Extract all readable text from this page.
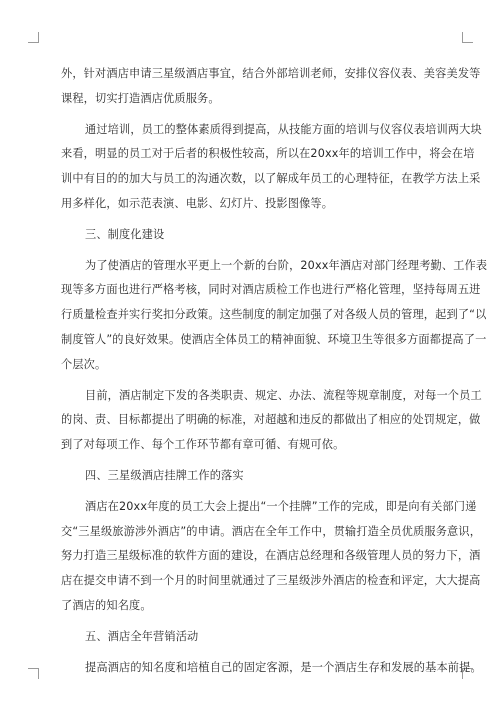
外，针对酒店申请三星级酒店事宜，结合外部培训老师，安排仪容仪表、美容美发等
课程，切实打造酒店优质服务。
通过培训，员工的整体素质得到提高，从技能方面的培训与仪容仪表培训两大块
来看，明显的员工对于后者的积极性较高，所以在20xx年的培训工作中，将会在培
训中有目的的加大与员工的沟通次数，以了解成年员工的心理特征，在教学方法上采
用多样化，如示范表演、电影、幻灯片、投影图像等。
三、制度化建设
为了使酒店的管理水平更上一个新的台阶，20xx年酒店对部门经理考勤、工作表
现等多方面也进行严格考核，同时对酒店质检工作也进行严格化管理，坚持每周五进
行质量检查并实行奖扣分政策。这些制度的制定加强了对各级人员的管理，起到了“以
制度管人”的良好效果。使酒店全体员工的精神面貌、环境卫生等很多方面都提高了一
个层次。
目前，酒店制定下发的各类职责、规定、办法、流程等规章制度，对每一个员工
的岗、责、目标都提出了明确的标准，对超越和违反的都做出了相应的处罚规定，做
到了对每项工作、每个工作环节都有章可循、有规可依。
四、三星级酒店挂牌工作的落实
酒店在20xx年度的员工大会上提出“一个挂牌”工作的完成，即是向有关部门递
交“三星级旅游涉外酒店”的申请。酒店在全年工作中，贯输打造全员优质服务意识，
努力打造三星级标准的软件方面的建设，在酒店总经理和各级管理人员的努力下，酒
店在提交申请不到一个月的时间里就通过了三星级涉外酒店的检查和评定，大大提高
了酒店的知名度。
五、酒店全年营销活动
提高酒店的知名度和培植自己的固定客源，是一个酒店生存和发展的基本前提。
